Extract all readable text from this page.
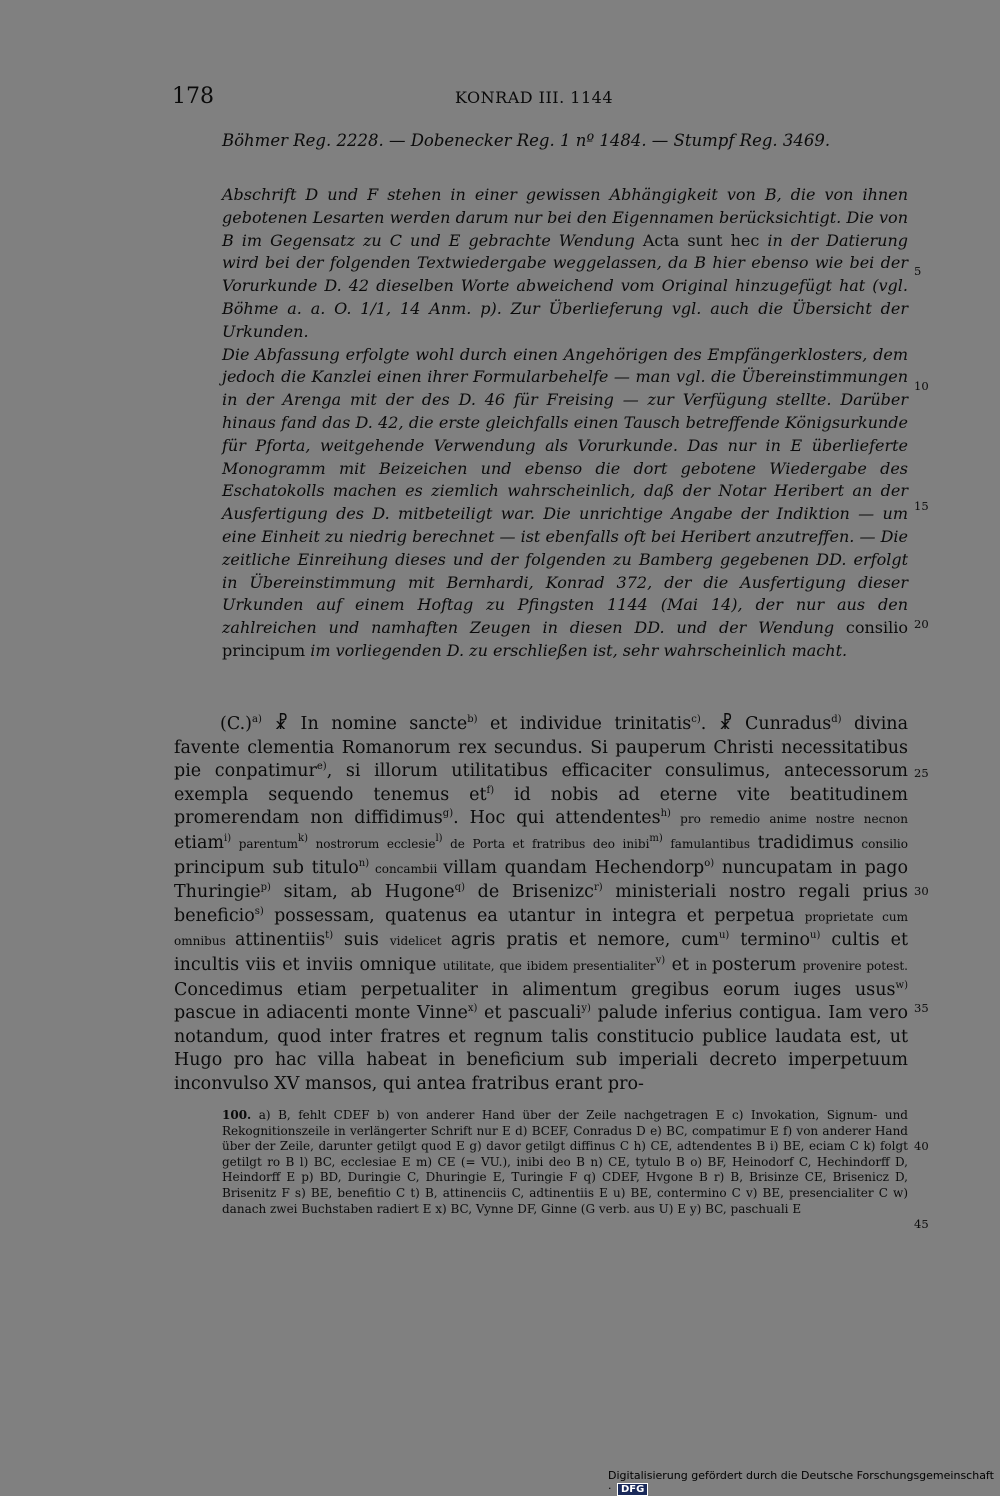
178	KONRAD III. 1144
Böhmer Reg. 2228. — Dobenecker Reg. 1 nº 1484. — Stumpf Reg. 3469.

Abschrift D und F stehen in einer gewissen Abhängigkeit von B, die von ihnen gebotenen Lesarten werden darum nur bei den Eigennamen berücksichtigt. Die von B im Gegensatz zu C und E gebrachte Wendung Acta sunt hec in der Datierung wird bei der folgenden Textwiedergabe weggelassen, da B hier ebenso wie bei der Vorurkunde D. 42 dieselben Worte abweichend vom Original hinzugefügt hat (vgl. Böhme a. a. O. 1/1, 14 Anm. p). Zur Überlieferung vgl. auch die Übersicht der Urkunden.

Die Abfassung erfolgte wohl durch einen Angehörigen des Empfängerklosters, dem jedoch die Kanzlei einen ihrer Formularbehelfe — man vgl. die Übereinstimmungen in der Arenga mit der des D. 46 für Freising — zur Verfügung stellte. Darüber hinaus fand das D. 42, die erste gleichfalls einen Tausch betreffende Königsurkunde für Pforta, weitgehende Verwendung als Vorurkunde. Das nur in E überlieferte Monogramm mit Beizeichen und ebenso die dort gebotene Wiedergabe des Eschatokolls machen es ziemlich wahrscheinlich, daß der Notar Heribert an der Ausfertigung des D. mitbeteiligt war. Die unrichtige Angabe der Indiktion — um eine Einheit zu niedrig berechnet — ist ebenfalls oft bei Heribert anzutreffen. — Die zeitliche Einreihung dieses und der folgenden zu Bamberg gegebenen DD. erfolgt in Übereinstimmung mit Bernhardi, Konrad 372, der die Ausfertigung dieser Urkunden auf einem Hoftag zu Pfingsten 1144 (Mai 14), der nur aus den zahlreichen und namhaften Zeugen in diesen DD. und der Wendung consilio principum im vorliegenden D. zu erschließen ist, sehr wahrscheinlich macht.

5
10
15
20
25
30
35
40
45

$(C.)^{a)}$ ☧ In nomine sancte$^{b)}$ et individue trinitatis$^{c)}$. ☧ Cunradus$^{d)}$ divina favente clementia Romanorum rex secundus. Si pauperum Christi necessitatibus pie conpatimur$^{e)}$, si illorum utilitatibus efficaciter consulimus, antecessorum exempla sequendo tenemus $et^{f)}$ id nobis ad eterne vite beatitudinem promerendam non diffidimus$^{g)}$. Hoc qui attendentes$^{h)}$ pro remedio anime nostre necnon etiam$^{i)}$ parentum$^{k)}$ nostrorum ecclesie$^{l)}$ de Porta et fratribus deo inibi$^{m)}$ famulantibus tradidimus consilio principum sub titulo$^{n)}$ concambii villam quandam Hechendorp$^{o)}$ nuncupatam in pago Thuringie$^{p)}$ sitam, ab Hugone$^{q)}$ de Brisenizc$^{r)}$ ministeriali nostro regali prius beneficio$^{s)}$ possessam, quatenus ea utantur in integra et perpetua proprietate cum omnibus attinentiis$^{t)}$ suis videlicet agris pratis et nemore, cum$^{u)}$ termino$^{u)}$ cultis et incultis viis et inviis omnique utilitate, que ibidem presentialiter$^{v)}$ et in posterum provenire potest. Concedimus etiam perpetualiter in alimentum gregibus eorum iuges usus$^{w)}$ pascue in adiacenti monte Vinne$^{x)}$ et pascuali$^{y)}$ palude inferius contigua. Iam vero notandum, quod inter fratres et regnum talis constitucio publice laudata est, ut Hugo pro hac villa habeat in beneficium sub imperiali decreto imperpetuum inconvulso XV mansos, qui antea fratribus erant pro-

100. a) B, fehlt CDEF b) von anderer Hand über der Zeile nachgetragen E c) Invokation, Signum- und Rekognitionszeile in verlängerter Schrift nur E d) BCEF, Conradus D e) BC, compatimur E f) von anderer Hand über der Zeile, darunter getilgt quod E g) davor getilgt diffinus C h) CE, adtendentes B i) BE, eciam C k) folgt getilgt ro B l) BC, ecclesiae E m) CE (= VU.), inibi deo B n) CE, tytulo B o) BF, Heinodorf C, Hechindorff D, Heindorff E p) BD, Duringie C, Dhuringie E, Turingie F q) CDEF, Hvgone B r) B, Brisinze CE, Brisenicz D, Brisenitz F s) BE, benefitio C t) B, attinenciis C, adtinentiis E u) BE, contermino C v) BE, presencialiter C w) danach zwei Buchstaben radiert E x) BC, Vynne DF, Ginne (G verb. aus U) E y) BC, paschuali E

Digitalisierung gefördert durch die Deutsche Forschungsgemeinschaft · DFG
